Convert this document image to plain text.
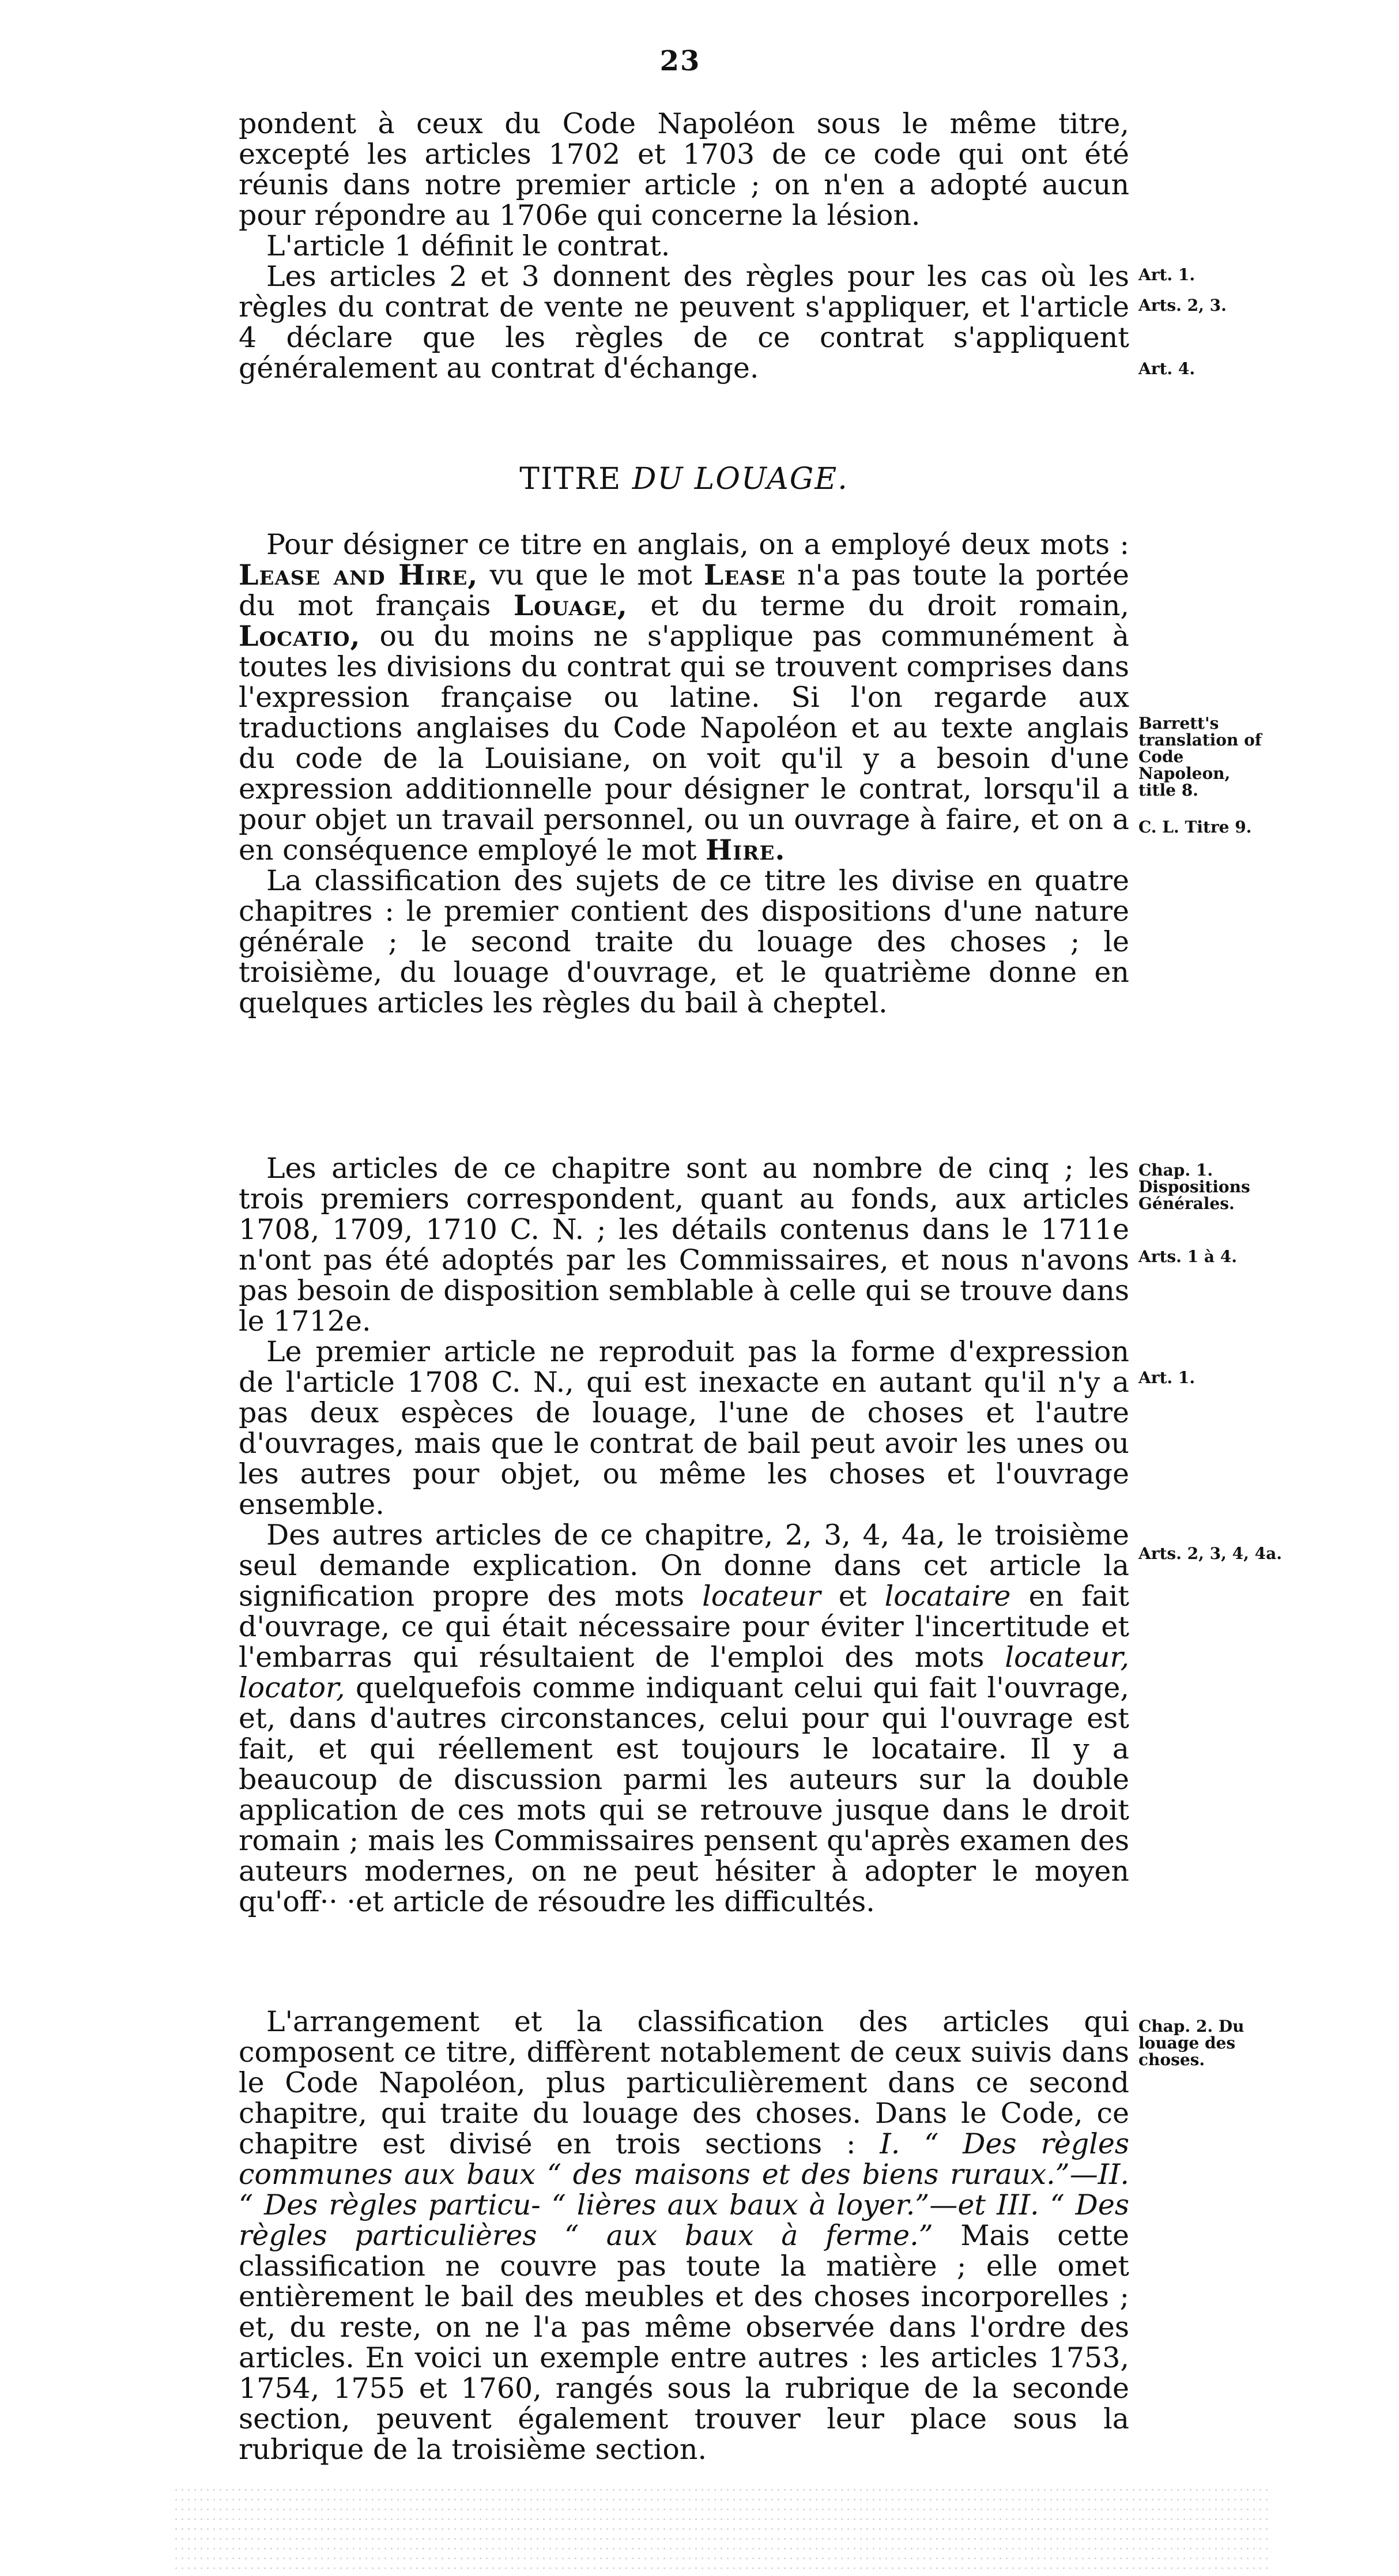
23

pondent à ceux du Code Napoléon sous le même titre, excepté les articles 1702 et 1703 de ce code qui ont été réunis dans notre premier article ; on n'en a adopté aucun pour répondre au 1706e qui concerne la lésion.

L'article 1 définit le contrat.

Les articles 2 et 3 donnent des règles pour les cas où les règles du contrat de vente ne peuvent s'appliquer, et l'article 4 déclare que les règles de ce contrat s'appliquent généralement au contrat d'échange.

TITRE DU LOUAGE.

Pour désigner ce titre en anglais, on a employé deux mots : Lease and Hire, vu que le mot Lease n'a pas toute la portée du mot français Louage, et du terme du droit romain, Locatio, ou du moins ne s'applique pas communément à toutes les divisions du contrat qui se trouvent comprises dans l'expression française ou latine. Si l'on regarde aux traductions anglaises du Code Napoléon et au texte anglais du code de la Louisiane, on voit qu'il y a besoin d'une expression additionnelle pour désigner le contrat, lorsqu'il a pour objet un travail personnel, ou un ouvrage à faire, et on a en conséquence employé le mot Hire.

La classification des sujets de ce titre les divise en quatre chapitres : le premier contient des dispositions d'une nature générale ; le second traite du louage des choses ; le troisième, du louage d'ouvrage, et le quatrième donne en quelques articles les règles du bail à cheptel.

Les articles de ce chapitre sont au nombre de cinq ; les trois premiers correspondent, quant au fonds, aux articles 1708, 1709, 1710 C. N. ; les détails contenus dans le 1711e n'ont pas été adoptés par les Commissaires, et nous n'avons pas besoin de disposition semblable à celle qui se trouve dans le 1712e.

Le premier article ne reproduit pas la forme d'expression de l'article 1708 C. N., qui est inexacte en autant qu'il n'y a pas deux espèces de louage, l'une de choses et l'autre d'ouvrages, mais que le contrat de bail peut avoir les unes ou les autres pour objet, ou même les choses et l'ouvrage ensemble.

Des autres articles de ce chapitre, 2, 3, 4, 4a, le troisième seul demande explication. On donne dans cet article la signification propre des mots locateur et locataire en fait d'ouvrage, ce qui était nécessaire pour éviter l'incertitude et l'embarras qui résultaient de l'emploi des mots locateur, locator, quelquefois comme indiquant celui qui fait l'ouvrage, et, dans d'autres circonstances, celui pour qui l'ouvrage est fait, et qui réellement est toujours le locataire. Il y a beaucoup de discussion parmi les auteurs sur la double application de ces mots qui se retrouve jusque dans le droit romain ; mais les Commissaires pensent qu'après examen des auteurs modernes, on ne peut hésiter à adopter le moyen qu'off·· ·et article de résoudre les difficultés.

L'arrangement et la classification des articles qui composent ce titre, diffèrent notablement de ceux suivis dans le Code Napoléon, plus particulièrement dans ce second chapitre, qui traite du louage des choses. Dans le Code, ce chapitre est divisé en trois sections : I. “ Des règles communes aux baux “ des maisons et des biens ruraux.”—II. “ Des règles particu- “ lières aux baux à loyer.”—et III. “ Des règles particulières “ aux baux à ferme.” Mais cette classification ne couvre pas toute la matière ; elle omet entièrement le bail des meubles et des choses incorporelles ; et, du reste, on ne l'a pas même observée dans l'ordre des articles. En voici un exemple entre autres : les articles 1753, 1754, 1755 et 1760, rangés sous la rubrique de la seconde section, peuvent également trouver leur place sous la rubrique de la troisième section.

Art. 1.
Arts. 2, 3.
Art. 4.
Barrett's translation of Code Napoleon, title 8.
C. L. Titre 9.
Chap. 1. Dispositions Générales.
Arts. 1 à 4.
Art. 1.
Arts. 2, 3, 4, 4a.
Chap. 2. Du louage des choses.
